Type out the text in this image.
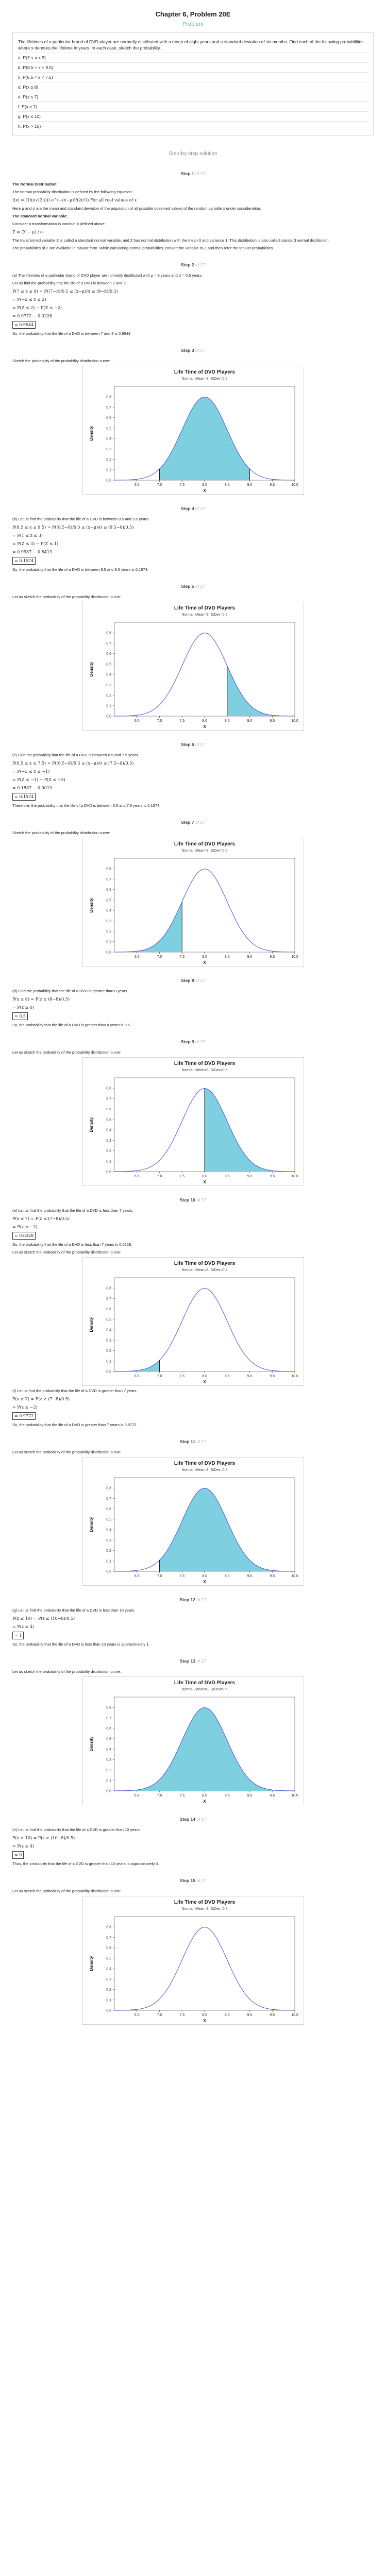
Chapter 6, Problem 20E
Problem
The lifetimes of a particular brand of DVD player are normally distributed with a mean of eight years and a standard deviation of six months. Find each of the following probabilities where x denotes the lifetime in years. In each case, sketch the probability.
a. P(7 < x < 9)
b. P(8.5 < x < 9.5)
c. P(6.5 < x < 7.5)
d. P(x ≥ 8)
e. P(x ≤ 7)
f. P(x ≥ 7)
g. P(x ≤ 10)
h. P(x > 10)
Step-by-step solution
Step 1 of 17
The Normal Distribution:
The normal probability distribution is defined by the following equation:
f(x) = (1/(σ√(2π))) e^(−(x−μ)²/(2σ²)) For all real values of x
Here μ and σ are the mean and standard deviation of the population of all possible observed values of the random variable x under consideration.
The standard normal variable:
Consider a transformation in variable X defined above:
Z = (X − μ) / σ
The transformed variable Z is called a standard normal variable, and Z has normal distribution with the mean 0 and variance 1. This distribution is also called standard normal distribution.
The probabilities of Z are available in tabular form. While calculating normal probabilities, convert the variable to Z and then refer the tabular probabilities.
Step 2 of 17
(a) The lifetimes of a particular brand of DVD player are normally distributed with μ = 8 years and σ = 0.5 years.
Let us find the probability that the life of a DVD is between 7 and 9.
P(7 ≤ x ≤ 9) = P((7−8)/0.5 ≤ (x−μ)/σ ≤ (9−8)/0.5)
= P(−2 ≤ z ≤ 2)
= P(Z ≤ 2) − P(Z ≤ −2)
= 0.9772 − 0.0228
= 0.9544
So, the probability that the life of a DVD is between 7 and 9 is 0.9544.
Step 3 of 17
Sketch the probability of the probability distribution curve:
Life Time of DVD Players
Normal, Mean=8, StDev=0.5
0.0
0.1
0.2
0.3
0.4
0.5
0.6
0.7
0.8
6.5	7.0	7.5	8.0	8.5	9.0	9.5	10.0
X
Density
Step 4 of 17
(b) Let us find the probability that the life of a DVD is between 8.5 and 9.5 years.
P(8.5 ≤ x ≤ 9.5) = P((8.5−8)/0.5 ≤ (x−μ)/σ ≤ (9.5−8)/0.5)
= P(1 ≤ z ≤ 3)
= P(Z ≤ 3) − P(Z ≤ 1)
= 0.9987 − 0.8413
= 0.1574
So, the probability that the life of a DVD is between 8.5 and 9.5 years is 0.1574.
Step 5 of 17
Let us sketch the probability of the probability distribution curve:
Life Time of DVD Players
Normal, Mean=8, StDev=0.5
0.0
0.1
0.2
0.3
0.4
0.5
0.6
0.7
0.8
6.5	7.0	7.5	8.0	8.5	9.0	9.5	10.0
X
Density
Step 6 of 17
(c) Find the probability that the life of a DVD is between 6.5 and 7.5 years.
P(6.5 ≤ x ≤ 7.5) = P((6.5−8)/0.5 ≤ (x−μ)/σ ≤ (7.5−8)/0.5)
= P(−3 ≤ z ≤ −1)
= P(Z ≤ −1) − P(Z ≤ −3)
= 0.1587 − 0.0013
= 0.1574
Therefore, the probability that the life of a DVD is between 6.5 and 7.5 years is 0.1574.
Step 7 of 17
Sketch the probability of the probability distribution curve:
Life Time of DVD Players
Normal, Mean=8, StDev=0.5
0.0
0.1
0.2
0.3
0.4
0.5
0.6
0.7
0.8
6.5	7.0	7.5	8.0	8.5	9.0	9.5	10.0
X
Density
Step 8 of 17
(d) Find the probability that the life of a DVD is greater than 8 years.
P(x ≥ 8) = P(z ≥ (8−8)/0.5)
= P(z ≥ 0)
= 0.5
So, the probability that the life of a DVD is greater than 8 years is 0.5.
Step 9 of 17
Let us sketch the probability of the probability distribution curve:
Life Time of DVD Players
Normal, Mean=8, StDev=0.5
0.0
0.1
0.2
0.3
0.4
0.5
0.6
0.7
0.8
6.5	7.0	7.5	8.0	8.5	9.0	9.5	10.0
X
Density
Step 10 of 17
(e) Let us find the probability that the life of a DVD is less than 7 years.
P(x ≤ 7) = P(z ≤ (7−8)/0.5)
= P(z ≤ −2)
= 0.0228
So, the probability that the life of a DVD is less than 7 years is 0.0228.
Let us sketch the probability of the probability distribution curve:
Life Time of DVD Players
Normal, Mean=8, StDev=0.5
0.0
0.1
0.2
0.3
0.4
0.5
0.6
0.7
0.8
6.5	7.0	7.5	8.0	8.5	9.0	9.5	10.0
X
Density
(f) Let us find the probability that the life of a DVD is greater than 7 years.
P(x ≥ 7) = P(z ≥ (7−8)/0.5)
= P(z ≥ −2)
= 0.9772
So, the probability that the life of a DVD is greater than 7 years is 0.9772.
Step 11 of 17
Let us sketch the probability of the probability distribution curve:
Life Time of DVD Players
Normal, Mean=8, StDev=0.5
0.0
0.1
0.2
0.3
0.4
0.5
0.6
0.7
0.8
6.5	7.0	7.5	8.0	8.5	9.0	9.5	10.0
X
Density
Step 12 of 17
(g) Let us find the probability that the life of a DVD is less than 10 years.
P(x ≤ 10) = P(z ≤ (10−8)/0.5)
= P(z ≤ 4)
≈ 1
So, the probability that the life of a DVD is less than 10 years is approximately 1.
Step 13 of 17
Let us sketch the probability of the probability distribution curve:
Life Time of DVD Players
Normal, Mean=8, StDev=0.5
0.0
0.1
0.2
0.3
0.4
0.5
0.6
0.7
0.8
6.5	7.0	7.5	8.0	8.5	9.0	9.5	10.0
X
Density
Step 14 of 17
(h) Let us find the probability that the life of a DVD is greater than 10 years.
P(x ≥ 10) = P(z ≥ (10−8)/0.5)
= P(z ≥ 4)
≈ 0
Thus, the probability that the life of a DVD is greater than 10 years is approximately 0.
Step 15 of 17
Let us sketch the probability of the probability distribution curve:
Life Time of DVD Players
Normal, Mean=8, StDev=0.5
0.0
0.1
0.2
0.3
0.4
0.5
0.6
0.7
0.8
6.5	7.0	7.5	8.0	8.5	9.0	9.5	10.0
X
Density
